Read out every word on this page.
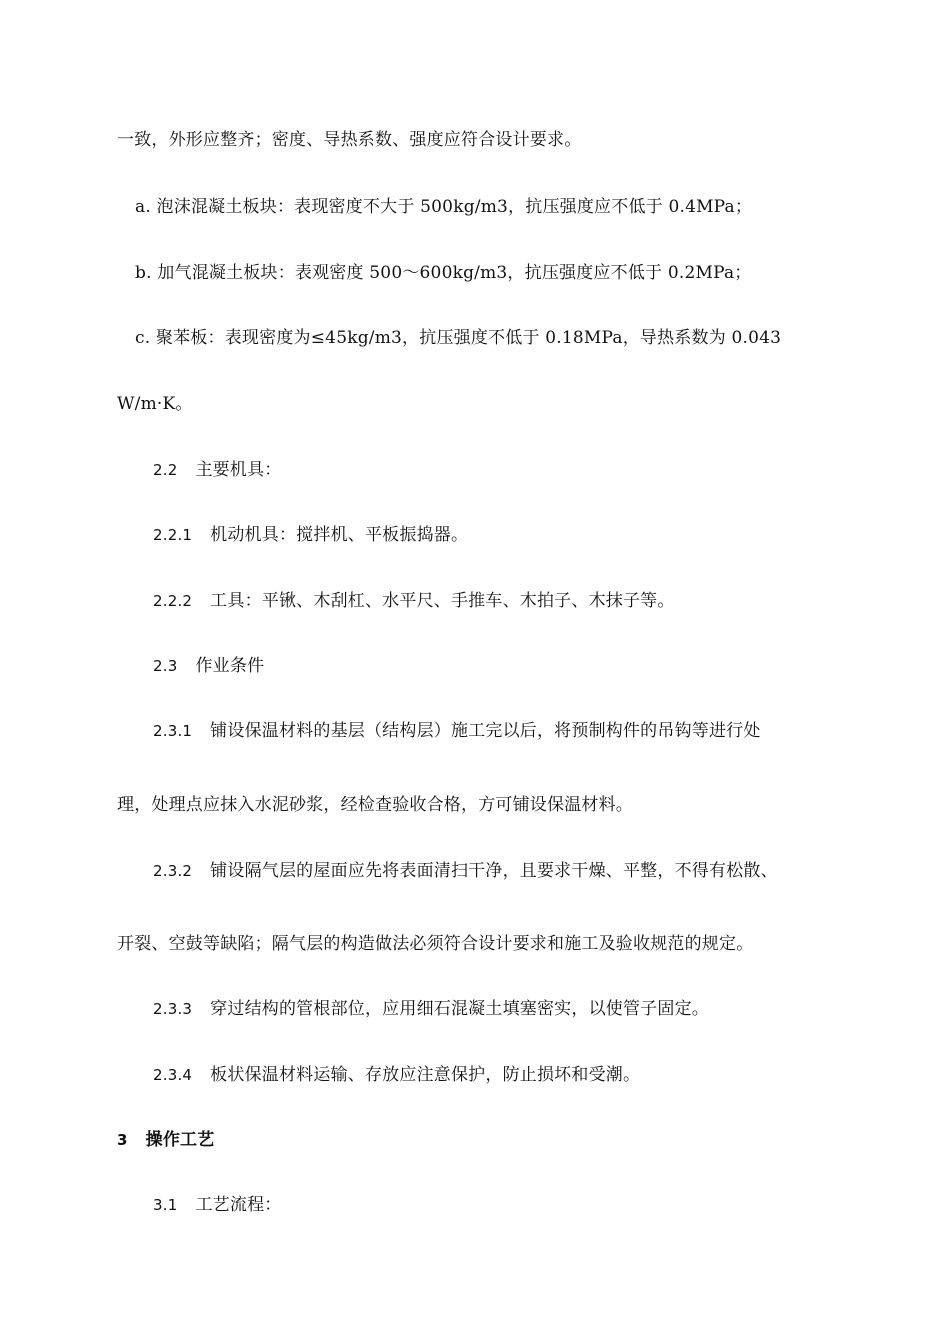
一致，外形应整齐；密度、导热系数、强度应符合设计要求。
a. 泡沫混凝土板块：表现密度不大于 500kg/m3，抗压强度应不低于 0.4MPa；
b. 加气混凝土板块：表观密度 500～600kg/m3，抗压强度应不低于 0.2MPa；
c. 聚苯板：表现密度为≤45kg/m3，抗压强度不低于 0.18MPa，导热系数为 0.043
W/m·K。
2.2 主要机具：
2.2.1 机动机具：搅拌机、平板振捣器。
2.2.2 工具：平锹、木刮杠、水平尺、手推车、木拍子、木抹子等。
2.3 作业条件
2.3.1 铺设保温材料的基层（结构层）施工完以后，将预制构件的吊钩等进行处
理，处理点应抹入水泥砂浆，经检查验收合格，方可铺设保温材料。
2.3.2 铺设隔气层的屋面应先将表面清扫干净，且要求干燥、平整，不得有松散、
开裂、空鼓等缺陷；隔气层的构造做法必须符合设计要求和施工及验收规范的规定。
2.3.3 穿过结构的管根部位，应用细石混凝土填塞密实，以使管子固定。
2.3.4 板状保温材料运输、存放应注意保护，防止损坏和受潮。
3 操作工艺
3.1 工艺流程：
